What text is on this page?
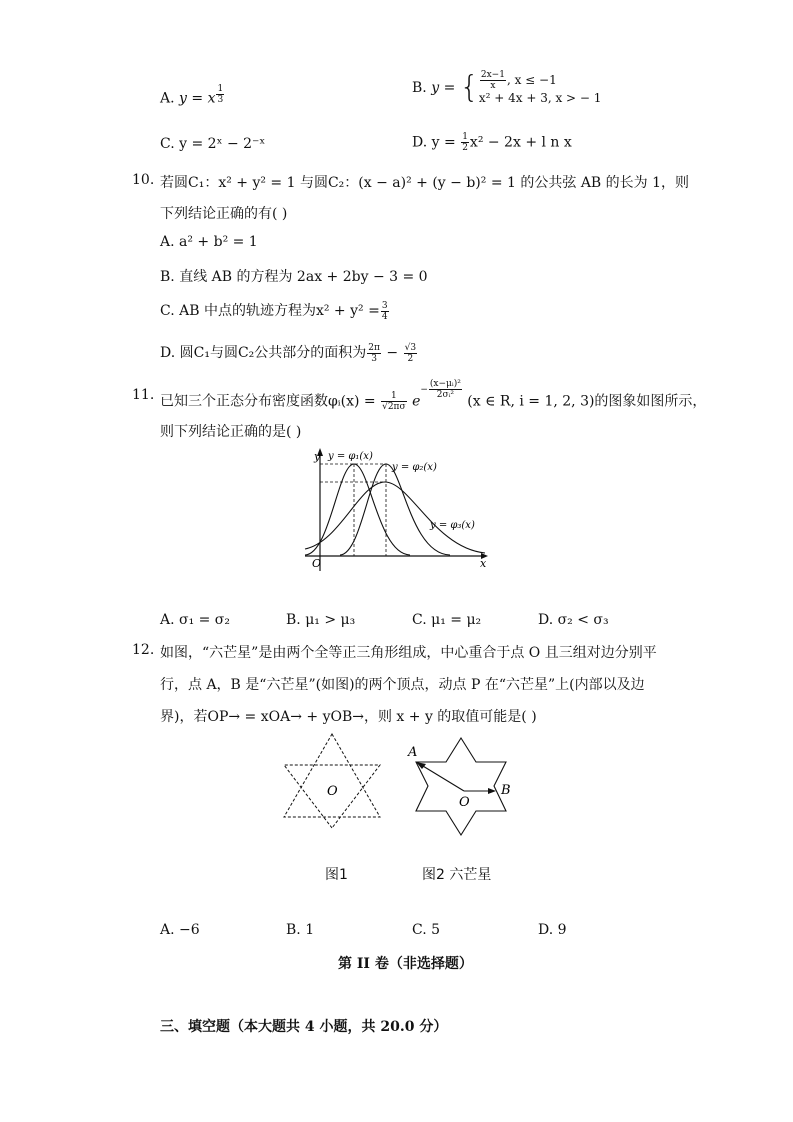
A. y = x $^{\frac{1}{3}}$	B. y = { $\frac{2x-1}{x}$ , x ≤ −1
x² + 4x + 3, x > − 1
C. y = 2ˣ − 2⁻ˣ	D. $y = \frac{1}{2} x^2 - 2x + l$ n x
10. 若圆C₁：x² + y² = 1 与圆C₂：(x − a)² + (y − b)² = 1 的公共弦 AB 的长为 1，则
下列结论正确的有( )
A. a² + b² = 1
B. 直线 AB 的方程为 2ax + 2by − 3 = 0
C. AB 中点的轨迹方程为$x^2 + y^2 = \frac{3}{4}$
D. 圆C₁与圆C₂公共部分的面积为 $\frac{2\pi}{3} - \frac{√3}{2}$
11. 已知三个正态分布密度函数φᵢ(x) = $\frac{1}{√2\pi\sigma} e^{- \frac{\text{(x−μᵢ)²}}{\text{2σᵢ²}}}$
(x ∈ R, i = 1, 2, 3)的图象如图所示，
则下列结论正确的是( )
y
x
O
y = φ₁(x)
y = φ₂(x)
y = φ₃(x)
A. σ₁ = σ₂	B. μ₁ > μ₃	C. μ₁ = μ₂	D. σ₂ < σ₃
12. 如图，“六芒星”是由两个全等正三角形组成，中心重合于点 O 且三组对边分别平
行，点 A，B 是“六芒星”(如图)的两个顶点，动点 P 在“六芒星”上(内部以及边
界)，若OP→ = xOA→ + yOB→，则 x + y 的取值可能是( )
O
图1
A
B
O
图2 六芒星
A. −6	B. 1	C. 5	D. 9
第 II 卷（非选择题）
三、填空题（本大题共 4 小题，共 20.0 分）
